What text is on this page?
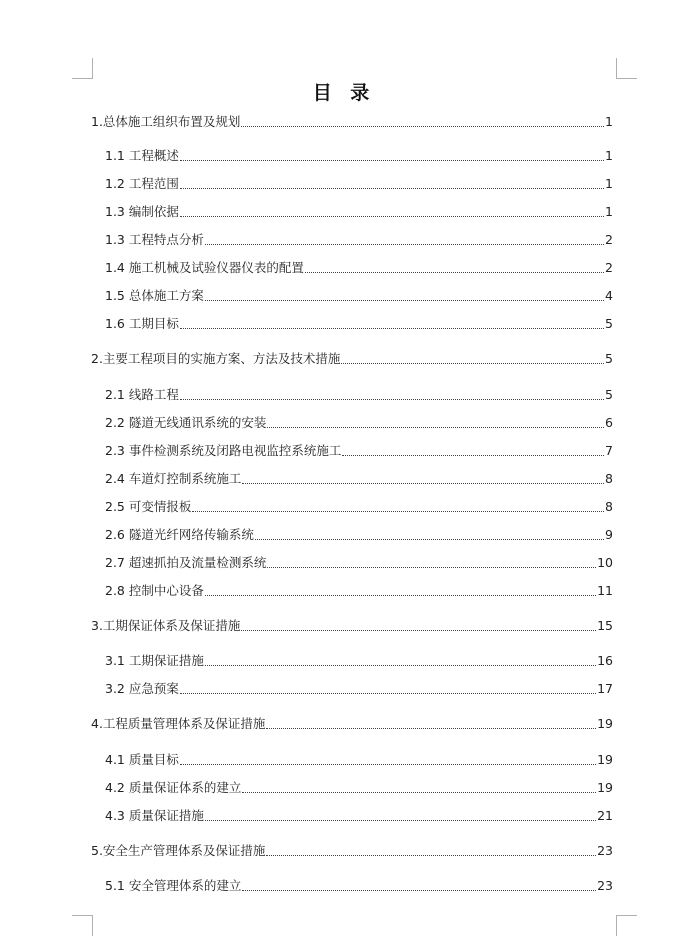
目 录
1.总体施工组织布置及规划	1
1.1 工程概述	1
1.2 工程范围	1
1.3 编制依据	1
1.3 工程特点分析	2
1.4 施工机械及试验仪器仪表的配置	2
1.5 总体施工方案	4
1.6 工期目标	5
2.主要工程项目的实施方案、方法及技术措施	5
2.1 线路工程	5
2.2 隧道无线通讯系统的安装	6
2.3 事件检测系统及闭路电视监控系统施工	7
2.4 车道灯控制系统施工	8
2.5 可变情报板	8
2.6 隧道光纤网络传输系统	9
2.7 超速抓拍及流量检测系统	10
2.8 控制中心设备	11
3.工期保证体系及保证措施	15
3.1 工期保证措施	16
3.2 应急预案	17
4.工程质量管理体系及保证措施	19
4.1 质量目标	19
4.2 质量保证体系的建立	19
4.3 质量保证措施	21
5.安全生产管理体系及保证措施	23
5.1 安全管理体系的建立	23
